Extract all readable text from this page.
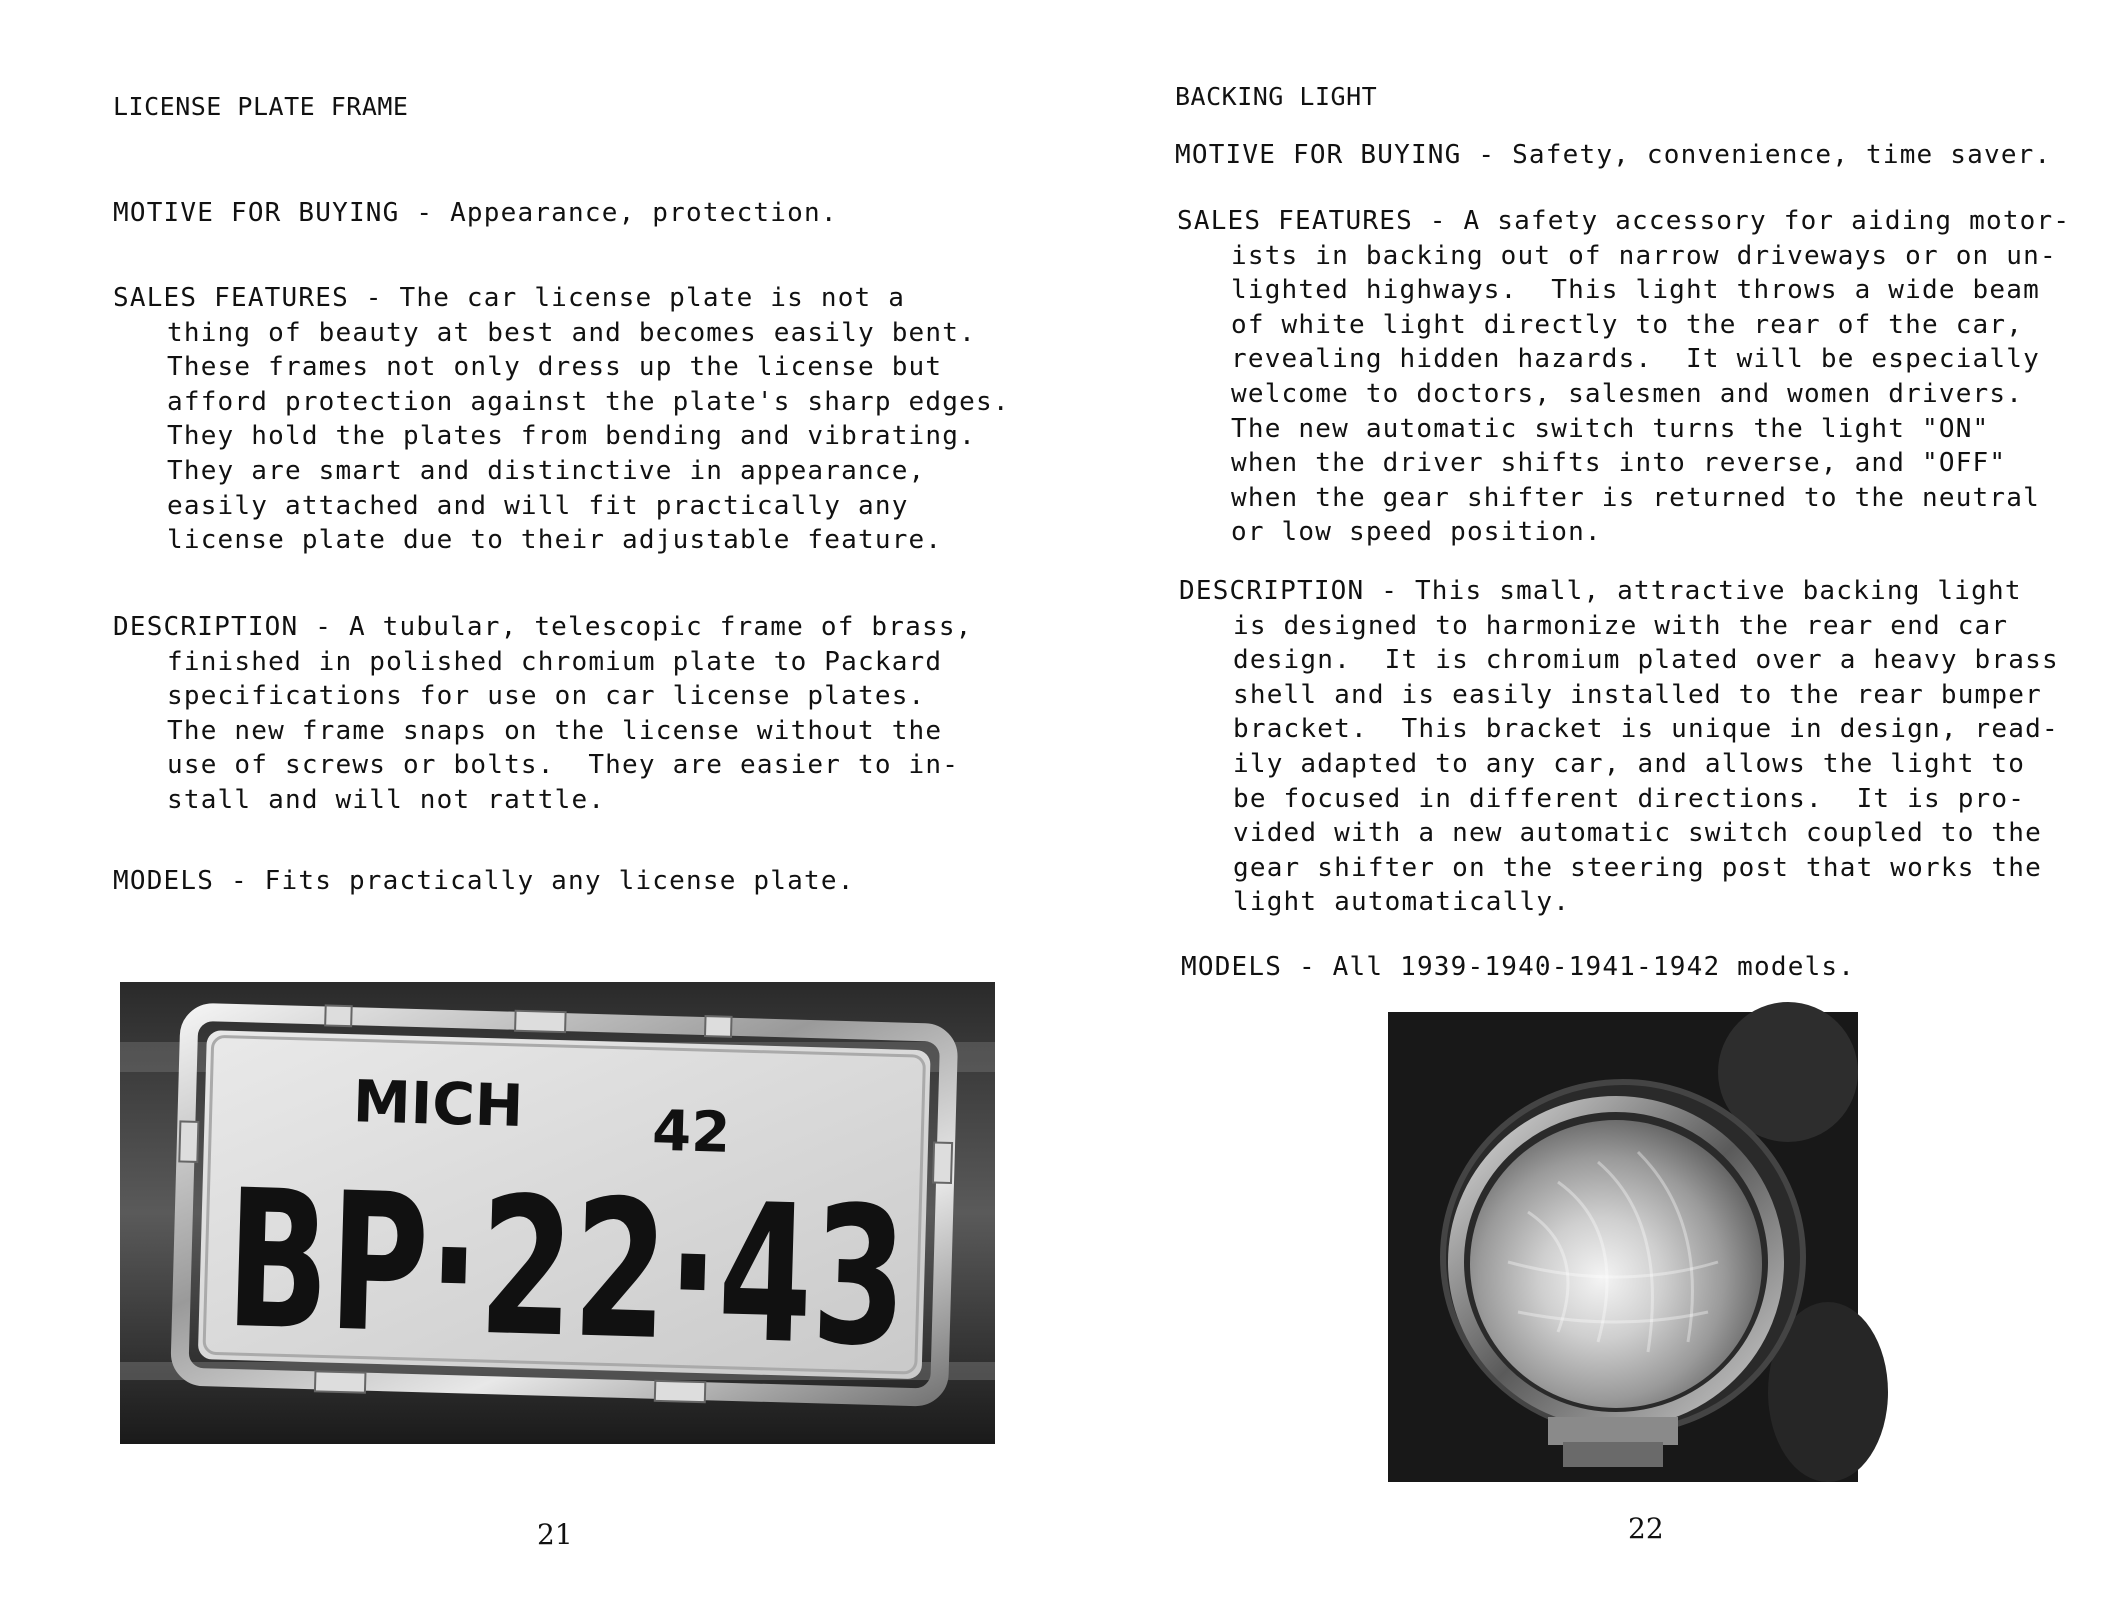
LICENSE PLATE FRAME
MOTIVE FOR BUYING - Appearance, protection.
SALES FEATURES - The car license plate is not a
thing of beauty at best and becomes easily bent.
These frames not only dress up the license but
afford protection against the plate's sharp edges.
They hold the plates from bending and vibrating.
They are smart and distinctive in appearance,
easily attached and will fit practically any
license plate due to their adjustable feature.
DESCRIPTION - A tubular, telescopic frame of brass,
finished in polished chromium plate to Packard
specifications for use on car license plates.
The new frame snaps on the license without the
use of screws or bolts.  They are easier to in-
stall and will not rattle.
MODELS - Fits practically any license plate.
MICH 42
BP·22·43
21
BACKING LIGHT
MOTIVE FOR BUYING - Safety, convenience, time saver.
SALES FEATURES - A safety accessory for aiding motor-
ists in backing out of narrow driveways or on un-
lighted highways.  This light throws a wide beam
of white light directly to the rear of the car,
revealing hidden hazards.  It will be especially
welcome to doctors, salesmen and women drivers.
The new automatic switch turns the light "ON"
when the driver shifts into reverse, and "OFF"
when the gear shifter is returned to the neutral
or low speed position.
DESCRIPTION - This small, attractive backing light
is designed to harmonize with the rear end car
design.  It is chromium plated over a heavy brass
shell and is easily installed to the rear bumper
bracket.  This bracket is unique in design, read-
ily adapted to any car, and allows the light to
be focused in different directions.  It is pro-
vided with a new automatic switch coupled to the
gear shifter on the steering post that works the
light automatically.
MODELS - All 1939-1940-1941-1942 models.
22
